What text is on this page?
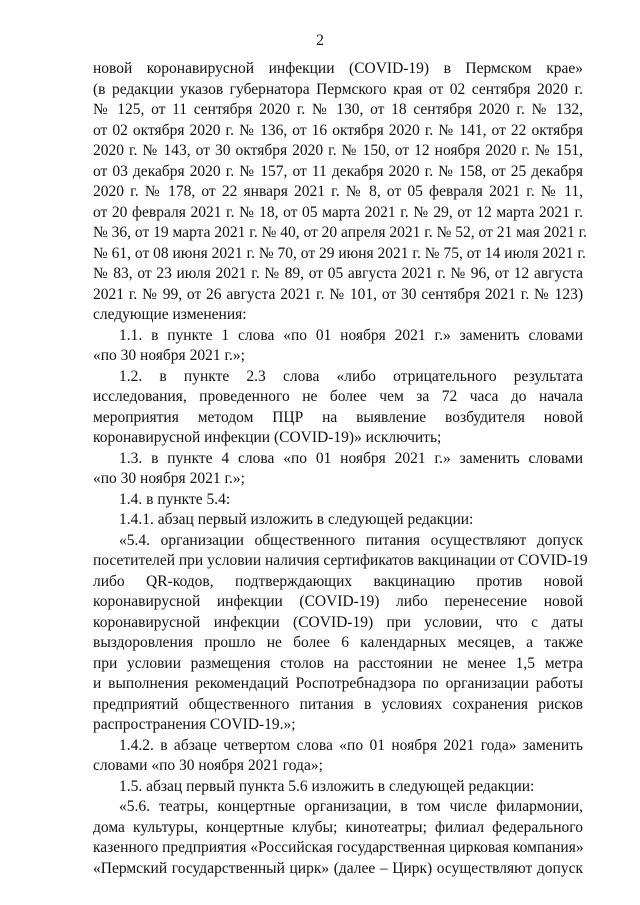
2
новой коронавирусной инфекции (COVID-19) в Пермском крае»
(в редакции указов губернатора Пермского края от 02 сентября 2020 г.
№ 125, от 11 сентября 2020 г. № 130, от 18 сентября 2020 г. № 132,
от 02 октября 2020 г. № 136, от 16 октября 2020 г. № 141, от 22 октября
2020 г. № 143, от 30 октября 2020 г. № 150, от 12 ноября 2020 г. № 151,
от 03 декабря 2020 г. № 157, от 11 декабря 2020 г. № 158, от 25 декабря
2020 г. № 178, от 22 января 2021 г. № 8, от 05 февраля 2021 г. № 11,
от 20 февраля 2021 г. № 18, от 05 марта 2021 г. № 29, от 12 марта 2021 г.
№ 36, от 19 марта 2021 г. № 40, от 20 апреля 2021 г. № 52, от 21 мая 2021 г.
№ 61, от 08 июня 2021 г. № 70, от 29 июня 2021 г. № 75, от 14 июля 2021 г.
№ 83, от 23 июля 2021 г. № 89, от 05 августа 2021 г. № 96, от 12 августа
2021 г. № 99, от 26 августа 2021 г. № 101, от 30 сентября 2021 г. № 123)
следующие изменения:
1.1. в пункте 1 слова «по 01 ноября 2021 г.» заменить словами
«по 30 ноября 2021 г.»;
1.2. в пункте 2.3 слова «либо отрицательного результата
исследования, проведенного не более чем за 72 часа до начала
мероприятия методом ПЦР на выявление возбудителя новой
коронавирусной инфекции (COVID-19)» исключить;
1.3. в пункте 4 слова «по 01 ноября 2021 г.» заменить словами
«по 30 ноября 2021 г.»;
1.4. в пункте 5.4:
1.4.1. абзац первый изложить в следующей редакции:
«5.4. организации общественного питания осуществляют допуск
посетителей при условии наличия сертификатов вакцинации от COVID-19
либо QR-кодов, подтверждающих вакцинацию против новой
коронавирусной инфекции (COVID-19) либо перенесение новой
коронавирусной инфекции (COVID-19) при условии, что с даты
выздоровления прошло не более 6 календарных месяцев, а также
при условии размещения столов на расстоянии не менее 1,5 метра
и выполнения рекомендаций Роспотребнадзора по организации работы
предприятий общественного питания в условиях сохранения рисков
распространения COVID-19.»;
1.4.2. в абзаце четвертом слова «по 01 ноября 2021 года» заменить
словами «по 30 ноября 2021 года»;
1.5. абзац первый пункта 5.6 изложить в следующей редакции:
«5.6. театры, концертные организации, в том числе филармонии,
дома культуры, концертные клубы; кинотеатры; филиал федерального
казенного предприятия «Российская государственная цирковая компания»
«Пермский государственный цирк» (далее – Цирк) осуществляют допуск
